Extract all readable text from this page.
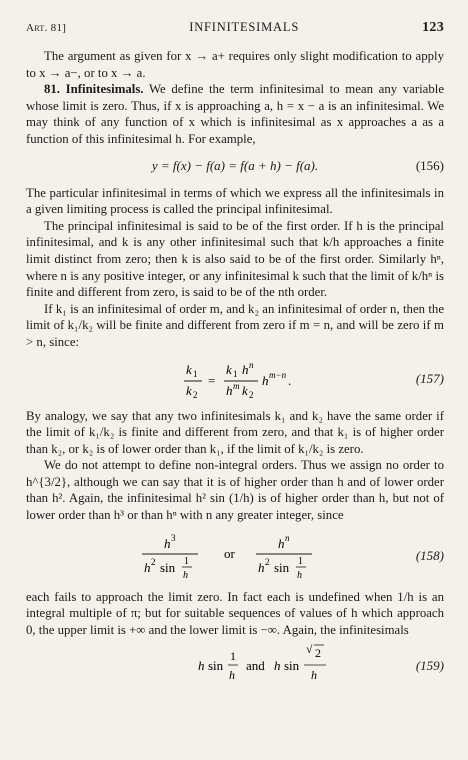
Art. 81]	INFINITESIMALS	123

The argument as given for x → a+ requires only slight modification to apply to x → a−, or to x → a.

81. Infinitesimals. We define the term infinitesimal to mean any variable whose limit is zero. Thus, if x is approaching a, h = x − a is an infinitesimal. We may think of any function of x which is infinitesimal as x approaches a as a function of this infinitesimal h. For example,

y = f(x) − f(a) = f(a + h) − f(a).	(156)

The particular infinitesimal in terms of which we express all the infinitesimals in a given limiting process is called the principal infinitesimal.

The principal infinitesimal is said to be of the first order. If h is the principal infinitesimal, and k is any other infinitesimal such that k/h approaches a finite limit distinct from zero; then k is also said to be of the first order. Similarly hⁿ, where n is any positive integer, or any infinitesimal k such that the limit of k/hⁿ is finite and different from zero, is said to be of the nth order.

If k₁ is an infinitesimal of order m, and k₂ an infinitesimal of order n, then the limit of k₁/k₂ will be finite and different from zero if m = n, and will be zero if m > n, since:

k 1
k 2
=
k 1 h n
h m k 2
h m−n .	(157)

By analogy, we say that any two infinitesimals k₁ and k₂ have the same order if the limit of k₁/k₂ is finite and different from zero, and that k₁ is of higher order than k₂, or k₂ is of lower order than k₁, if the limit of k₁/k₂ is zero.

We do not attempt to define non-integral orders. Thus we assign no order to h^{3/2}, although we can say that it is of higher order than h and of lower order than h². Again, the infinitesimal h² sin (1/h) is of higher order than h, but not of lower order than h³ or than hⁿ with n any greater integer, since

h 3
h 2 sin 1
h
or
h n
h 2 sin 1
h
(158)

each fails to approach the limit zero. In fact each is undefined when 1/h is an integral multiple of π; but for suitable sequences of values of h which approach 0, the upper limit is +∞ and the lower limit is −∞. Again, the infinitesimals

h sin
1
h
and h sin
√ 2
h
(159)
